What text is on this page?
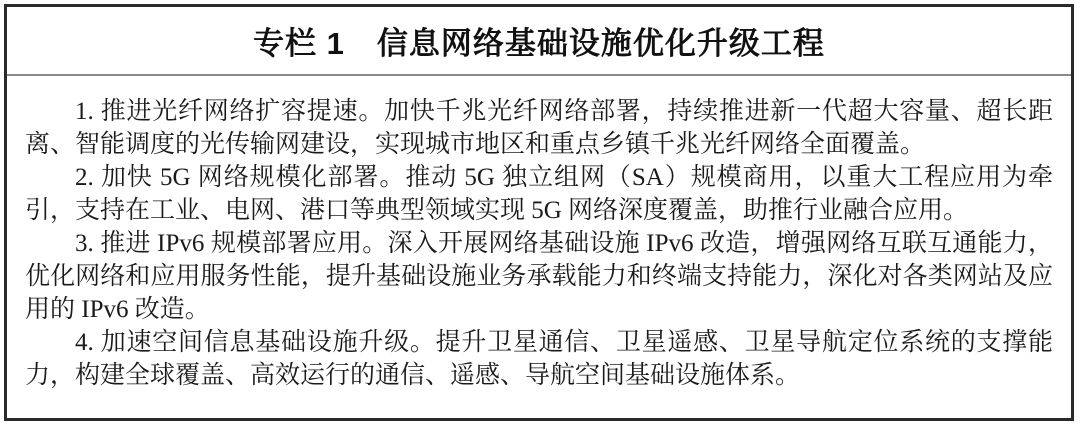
专栏 1　信息网络基础设施优化升级工程

1. 推进光纤网络扩容提速。加快千兆光纤网络部署，持续推进新一代超大容量、超长距离、智能调度的光传输网建设，实现城市地区和重点乡镇千兆光纤网络全面覆盖。

2. 加快 5G 网络规模化部署。推动 5G 独立组网（SA）规模商用，以重大工程应用为牵引，支持在工业、电网、港口等典型领域实现 5G 网络深度覆盖，助推行业融合应用。

3. 推进 IPv6 规模部署应用。深入开展网络基础设施 IPv6 改造，增强网络互联互通能力，优化网络和应用服务性能，提升基础设施业务承载能力和终端支持能力，深化对各类网站及应用的 IPv6 改造。

4. 加速空间信息基础设施升级。提升卫星通信、卫星遥感、卫星导航定位系统的支撑能力，构建全球覆盖、高效运行的通信、遥感、导航空间基础设施体系。
